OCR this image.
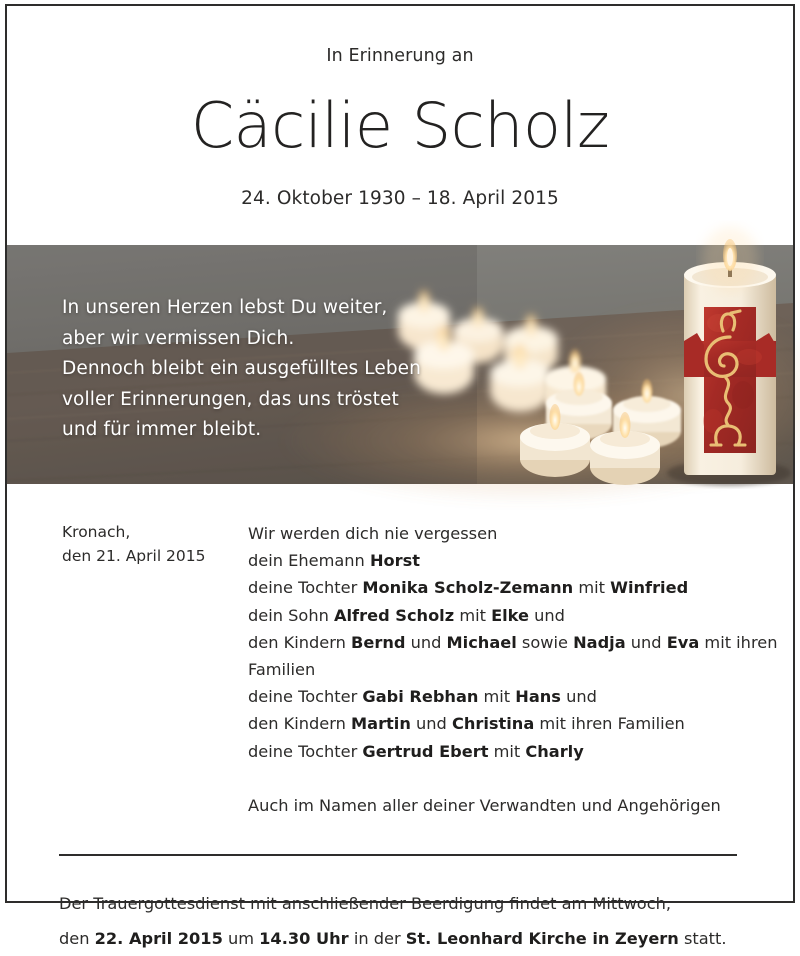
In Erinnerung an
Cäcilie Scholz
24. Oktober 1930 – 18. April 2015
In unseren Herzen lebst Du weiter,
aber wir vermissen Dich.
Dennoch bleibt ein ausgefülltes Leben
voller Erinnerungen, das uns tröstet
und für immer bleibt.
Kronach,
den 21. April 2015
Wir werden dich nie vergessen
dein Ehemann Horst
deine Tochter Monika Scholz-Zemann mit Winfried
dein Sohn Alfred Scholz mit Elke und
den Kindern Bernd und Michael sowie Nadja und Eva mit ihren Familien
deine Tochter Gabi Rebhan mit Hans und
den Kindern Martin und Christina mit ihren Familien
deine Tochter Gertrud Ebert mit Charly
Auch im Namen aller deiner Verwandten und Angehörigen
Der Trauergottesdienst mit anschließender Beerdigung findet am Mittwoch,
den 22. April 2015 um 14.30 Uhr in der St. Leonhard Kirche in Zeyern statt.
